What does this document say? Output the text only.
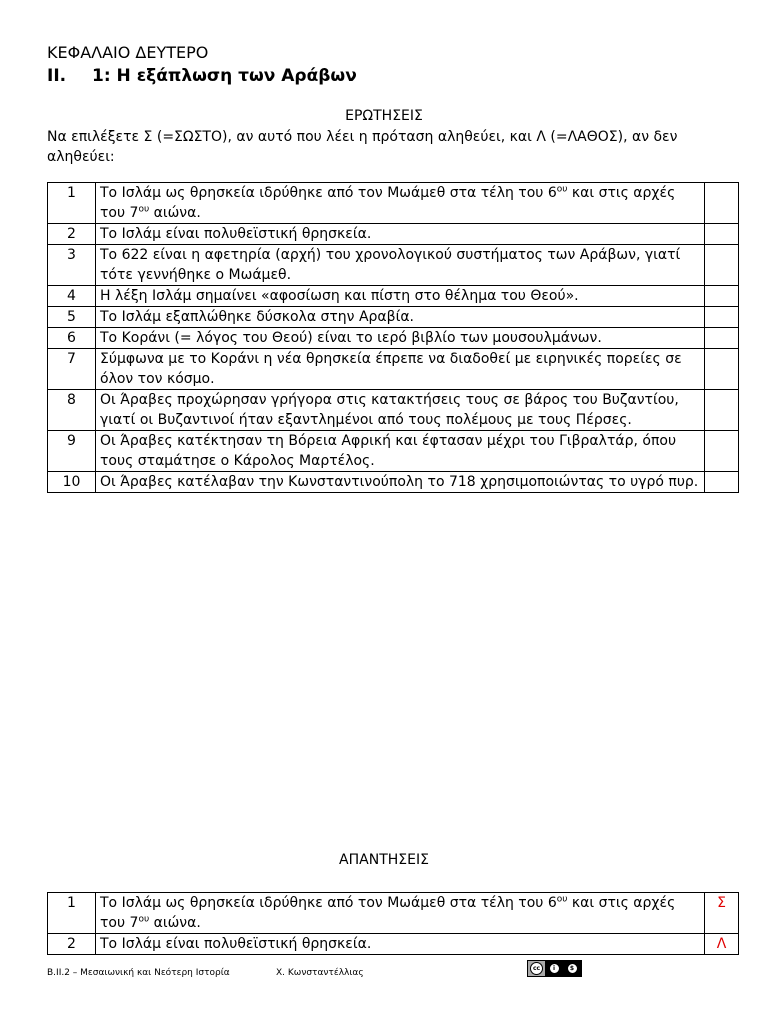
ΚΕΦΑΛΑΙΟ ΔΕΥΤΕΡΟ
II. 1: Η εξάπλωση των Αράβων
ΕΡΩΤΗΣΕΙΣ
Να επιλέξετε Σ (=ΣΩΣΤΟ), αν αυτό που λέει η πρόταση αληθεύει, και Λ (=ΛΑΘΟΣ), αν δεν αληθεύει:
1	Το Ισλάμ ως θρησκεία ιδρύθηκε από τον Μωάμεθ στα τέλη του $6^{o\upsilon}$ και στις αρχές του $7^{o\upsilon}$ αιώνα.	
2	Το Ισλάμ είναι πολυθεϊστική θρησκεία.	
3	Το 622 είναι η αφετηρία (αρχή) του χρονολογικού συστήματος των Αράβων, γιατί τότε γεννήθηκε ο Μωάμεθ.	
4	Η λέξη Ισλάμ σημαίνει «αφοσίωση και πίστη στο θέλημα του Θεού».	
5	Το Ισλάμ εξαπλώθηκε δύσκολα στην Αραβία.	
6	Το Κοράνι (= λόγος του Θεού) είναι το ιερό βιβλίο των μουσουλμάνων.	
7	Σύμφωνα με το Κοράνι η νέα θρησκεία έπρεπε να διαδοθεί με ειρηνικές πορείες σε όλον τον κόσμο.	
8	Οι Άραβες προχώρησαν γρήγορα στις κατακτήσεις τους σε βάρος του Βυζαντίου, γιατί οι Βυζαντινοί ήταν εξαντλημένοι από τους πολέμους με τους Πέρσες.	
9	Οι Άραβες κατέκτησαν τη Βόρεια Αφρική και έφτασαν μέχρι του Γιβραλτάρ, όπου τους σταμάτησε ο Κάρολος Μαρτέλος.	
10	Οι Άραβες κατέλαβαν την Κωνσταντινούπολη το 718 χρησιμοποιώντας το υγρό πυρ.	
ΑΠΑΝΤΗΣΕΙΣ
1	Το Ισλάμ ως θρησκεία ιδρύθηκε από τον Μωάμεθ στα τέλη του $6^{o\upsilon}$ και στις αρχές του $7^{o\upsilon}$ αιώνα.	Σ
2	Το Ισλάμ είναι πολυθεϊστική θρησκεία.	Λ
Β.ΙΙ.2 – Μεσαιωνική και Νεότερη Ιστορία	Χ. Κωνσταντέλλιας	cc	i	$
